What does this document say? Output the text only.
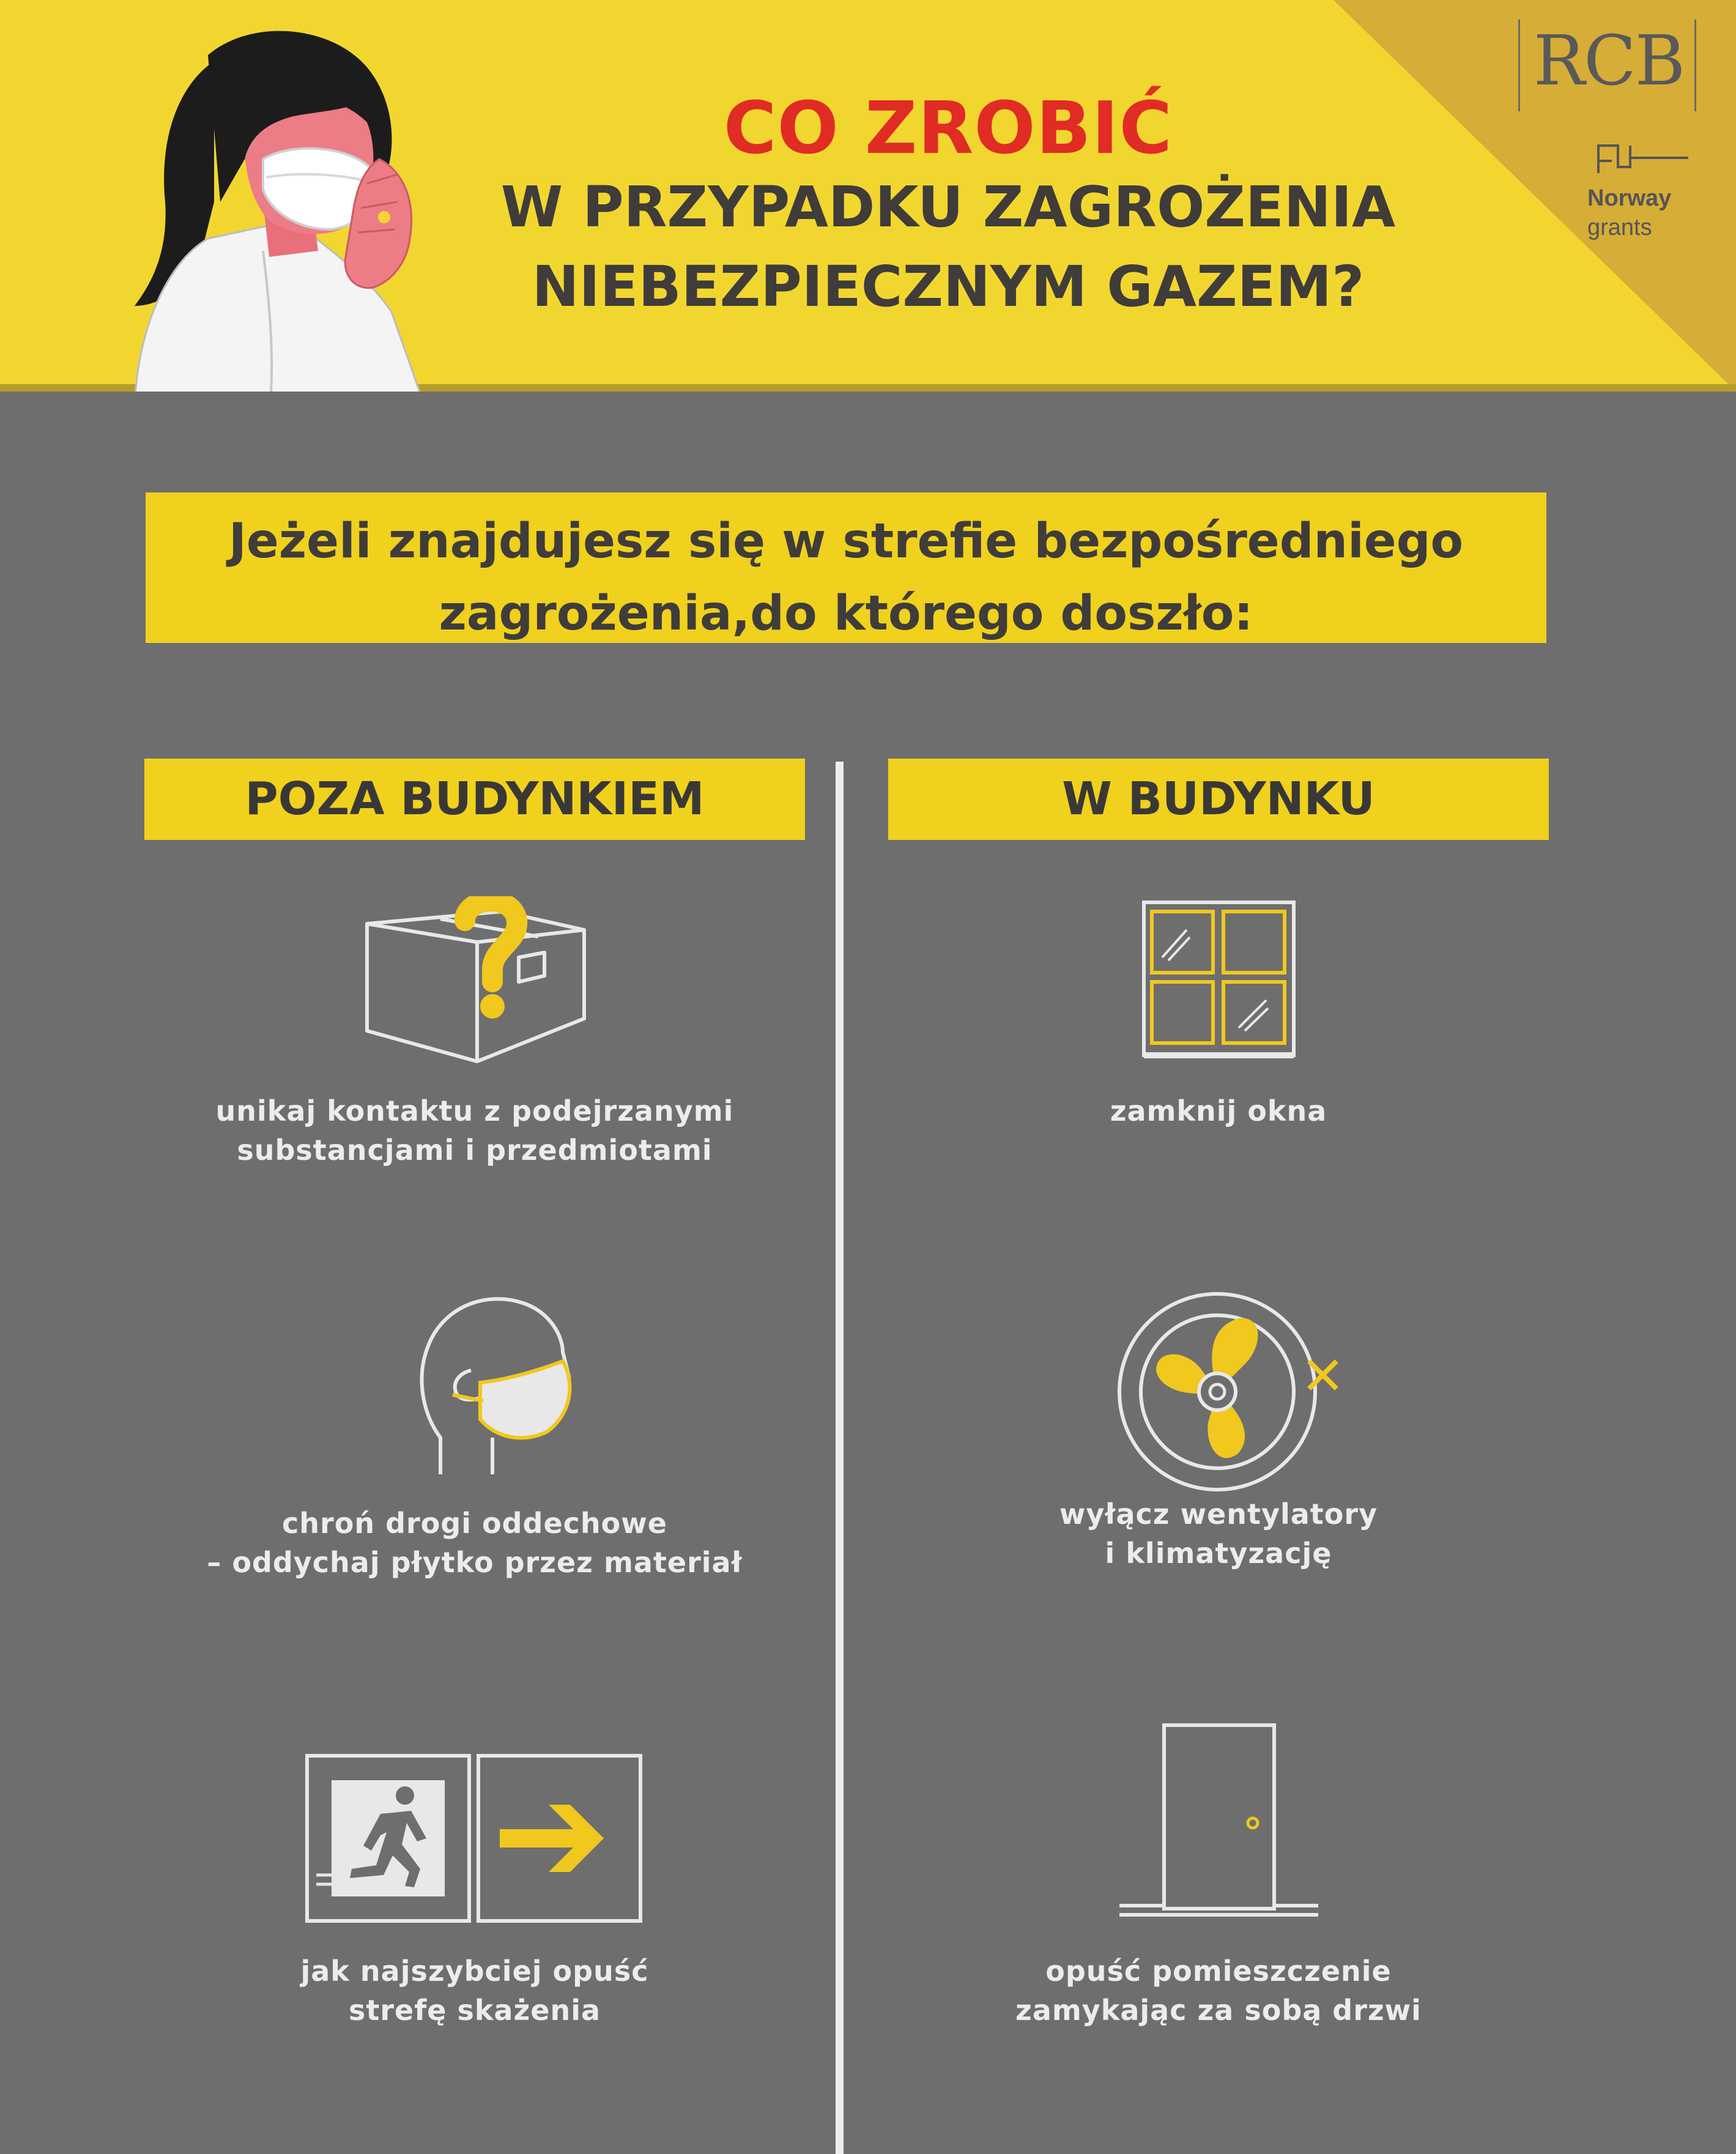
CO ZROBIĆ
W PRZYPADKU ZAGROŻENIA
NIEBEZPIECZNYM GAZEM?
RCB
Norway
grants
Jeżeli znajdujesz się w strefie bezpośredniego
zagrożenia,do którego doszło:
POZA BUDYNKIEM	W BUDYNKU
unikaj kontaktu z podejrzanymi
substancjami i przedmiotami
chroń drogi oddechowe
– oddychaj płytko przez materiał
jak najszybciej opuść
strefę skażenia
zamknij okna
wyłącz wentylatory
i klimatyzację
opuść pomieszczenie
zamykając za sobą drzwi
